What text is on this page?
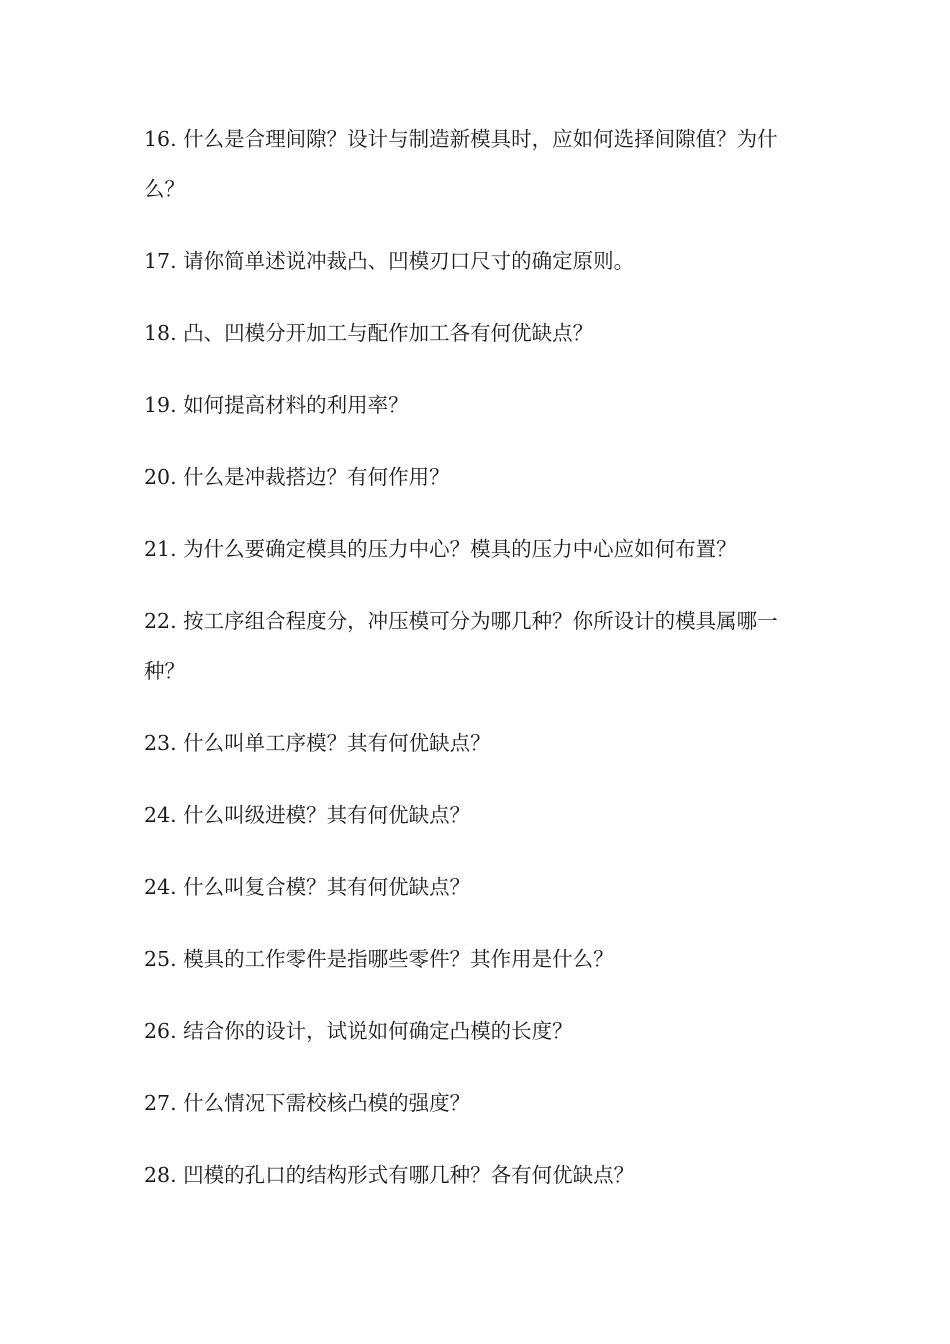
16. 什么是合理间隙？设计与制造新模具时，应如何选择间隙值？为什么？
17. 请你简单述说冲裁凸、凹模刃口尺寸的确定原则。
18. 凸、凹模分开加工与配作加工各有何优缺点？
19. 如何提高材料的利用率？
20. 什么是冲裁搭边？有何作用？
21. 为什么要确定模具的压力中心？模具的压力中心应如何布置？
22. 按工序组合程度分，冲压模可分为哪几种？你所设计的模具属哪一种？
23. 什么叫单工序模？其有何优缺点？
24. 什么叫级进模？其有何优缺点？
24. 什么叫复合模？其有何优缺点？
25. 模具的工作零件是指哪些零件？其作用是什么？
26. 结合你的设计，试说如何确定凸模的长度？
27. 什么情况下需校核凸模的强度？
28. 凹模的孔口的结构形式有哪几种？各有何优缺点？
